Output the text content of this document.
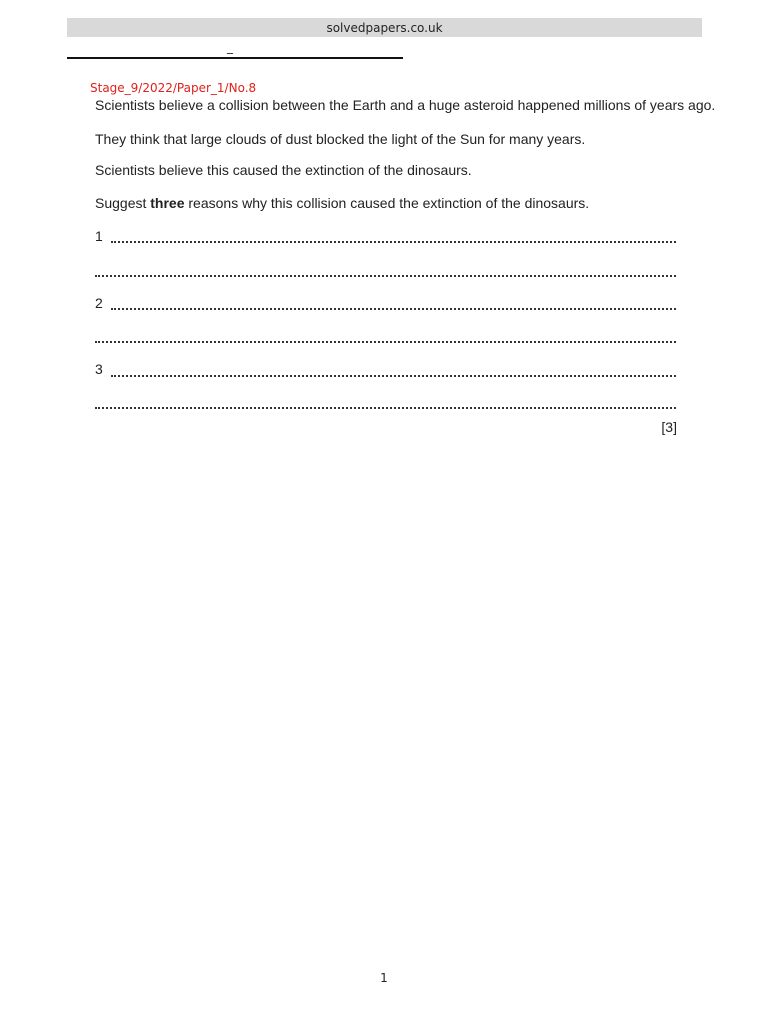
solvedpapers.co.uk
_
Stage_9/2022/Paper_1/No.8
Scientists believe a collision between the Earth and a huge asteroid happened millions of years ago.
They think that large clouds of dust blocked the light of the Sun for many years.
Scientists believe this caused the extinction of the dinosaurs.
Suggest three reasons why this collision caused the extinction of the dinosaurs.
1
2
3
[3]
1
